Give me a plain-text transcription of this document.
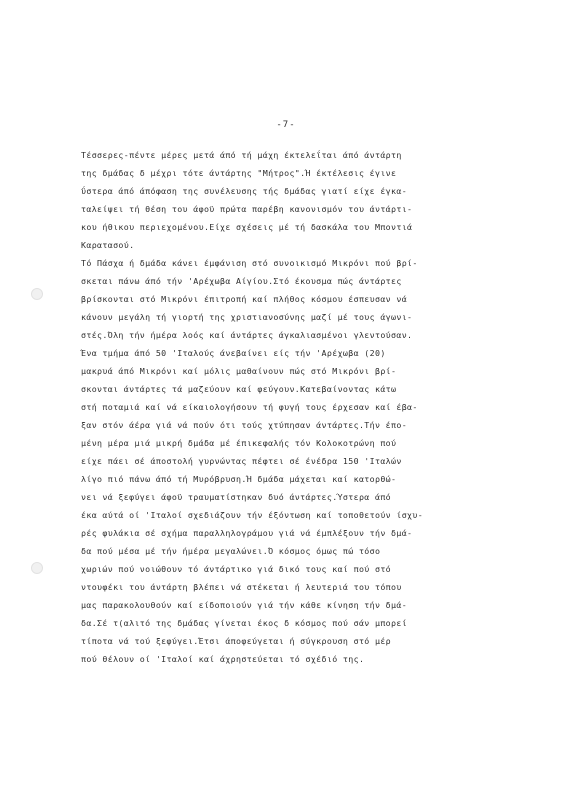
-7-
Τέσσερες-πέντε μέρες μετά άπό τή μάχη έκτελεΐται άπό άντάρτη
της δμάδας δ μέχρι τότε άντάρτης "Μήτρος".Ή έκτέλεσις έγινε
ΰστερα άπό άπόφαση της συνέλευσης τής δμάδας γιατί είχε έγκα-
ταλείψει τή θέση του άφοϋ πρώτα παρέβη κανονισμόν του άντάρτι-
κου ήθικου περιεχομένου.Είχε σχέσεις μέ τή δασκάλα του Μποντιά
Καρατασού.
Τό Πάσχα ή δμάδα κάνει έμφάνιση στό συνοικισμό Μικρόνι πού βρί-
σκεται πάνω άπό τήν 'Αρέχωβα Αίγίου.Στό έκουσμα πώς άντάρτες
βρίσκονται στό Μικρόνι έπιτροπή καί πλήθος κόσμου έσπευσαν νά
κάνουν μεγάλη τή γιορτή της χριστιανοσύνης μαζί μέ τους άγωνι-
στές.Όλη τήν ήμέρα λοός καί άντάρτες άγκαλιασμένοι γλεντούσαν.
Ένα τμήμα άπό 50 'Ιταλούς άνεβαίνει είς τήν 'Αρέχωβα (20)
μακρυά άπό Μικρόνι καί μόλις μαθαίνουν πώς στό Μικρόνι βρί-
σκονται άντάρτες τά μαζεύουν καί φεύγουν.Κατεβαίνοντας κάτω
στή ποταμιά καί νά είκαιολογήσουν τή φυγή τους έρχεσαν καί έβα-
ξαν στόν άέρα γιά νά πούν ότι τούς χτύπησαν άντάρτες.Τήν έπο-
μένη μέρα μιά μικρή δμάδα μέ έπικεφαλής τόν Κολοκοτρώνη πού
είχε πάει σέ άποστολή γυρνώντας πέφτει σέ ένέδρα 150 'Ιταλών
λίγο πιό πάνω άπό τή Μυρόβρυση.Ή δμάδα μάχεται καί κατορθώ-
νει νά ξεφύγει άφοϋ τραυματίστηκαν δυό άντάρτες.Ύστερα άπό
έκα αύτά οί 'Ιταλοί σχεδιάζουν τήν έξόντωση καί τοποθετούν ίσχυ-
ρές φυλάκια σέ σχήμα παραλληλογράμου γιά νά έμπλέξουν τήν δμά-
δα πού μέσα μέ τήν ήμέρα μεγαλώνει.Ό κόσμος όμως πώ τόσο
χωριών πού νοιώθουν τό άντάρτικο γιά δικό τους καί πού στό
ντουφέκι του άντάρτη βλέπει νά στέκεται ή λευτεριά του τόπου
μας παρακολουθούν καί είδοποιούν γιά τήν κάθε κίνηση τήν δμά-
δα.Σέ τ(αλιτό της δμάδας γίνεται έκος δ κόσμος πού σάν μπορεί
τίποτα νά τού ξεφύγει.Έτσι άποφεύγεται ή σύγκρουση στό μέρ
πού θέλουν οί 'Ιταλοί καί άχρηστεύεται τό σχέδιό της.
